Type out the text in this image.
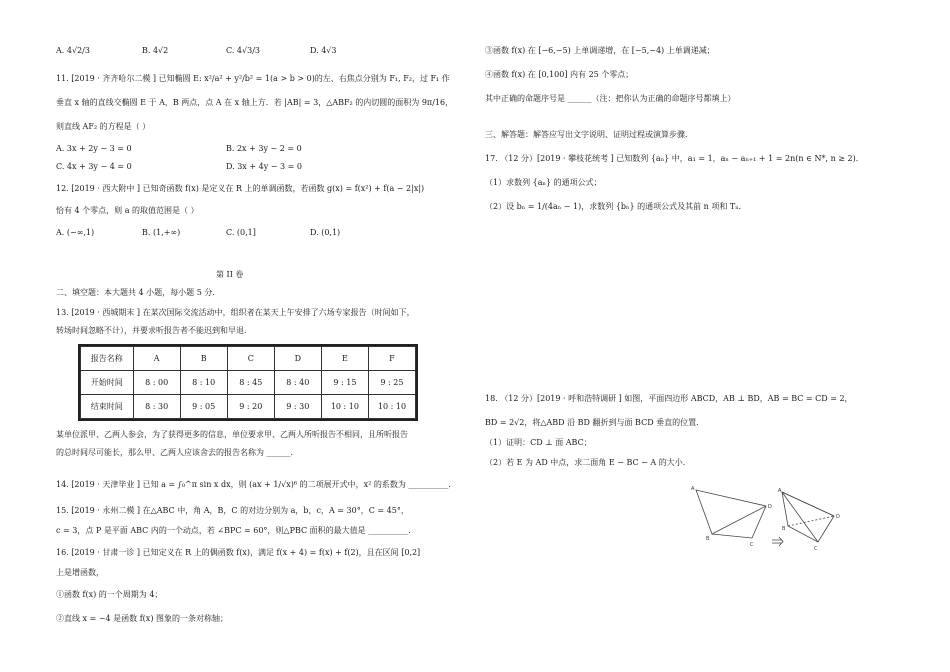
A. 4√2/3	B. 4√2	C. 4√3/3	D. 4√3
11. [2019 · 齐齐哈尔二模 ] 已知椭圆 E: x²/a² + y²/b² = 1(a > b > 0)的左、右焦点分别为 F₁, F₂，过 F₁ 作
垂直 x 轴的直线交椭圆 E 于 A，B 两点，点 A 在 x 轴上方．若 |AB| = 3，△ABF₂ 的内切圆的面积为 9π/16，
则直线 AF₂ 的方程是（ ）
A. 3x + 2y − 3 = 0	B. 2x + 3y − 2 = 0
C. 4x + 3y − 4 = 0	D. 3x + 4y − 3 = 0
12. [2019 · 西大附中 ] 已知奇函数 f(x) 是定义在 R 上的单调函数，若函数 g(x) = f(x²) + f(a − 2|x|)
恰有 4 个零点，则 a 的取值范围是（ ）
A. (−∞,1)	B. (1,+∞)	C. (0,1]	D. (0,1)
第 II 卷
二、填空题：本大题共 4 小题，每小题 5 分．
13. [2019 · 西城期末 ] 在某次国际交流活动中，组织者在某天上午安排了六场专家报告（时间如下，
转场时间忽略不计），并要求听报告者不能迟到和早退．
报告名称	A	B	C	D	E	F
开始时间	8 : 00	8 : 10	8 : 45	8 : 40	9 : 15	9 : 25
结束时间	8 : 30	9 : 05	9 : 20	9 : 30	10 : 10	10 : 10
某单位派甲、乙两人参会，为了获得更多的信息，单位要求甲、乙两人所听报告不相同，且所听报告
的总时间尽可能长，那么甲、乙两人应该舍去的报告名称为 ______．
14. [2019 · 天津毕业 ] 已知 a = ∫₀^π sin x dx，则 (ax + 1/√x)⁶ 的二项展开式中，x² 的系数为 __________．
15. [2019 · 永州二模 ] 在△ABC 中，角 A，B，C 的对边分别为 a，b，c，A = 30°，C = 45°，
c = 3，点 P 是平面 ABC 内的一个动点，若 ∠BPC = 60°，则△PBC 面积的最大值是 __________．
16. [2019 · 甘肃一诊 ] 已知定义在 R 上的偶函数 f(x)，满足 f(x + 4) = f(x) + f(2)，且在区间 [0,2]
上是增函数，
①函数 f(x) 的一个周期为 4；
②直线 x = −4 是函数 f(x) 图象的一条对称轴；
③函数 f(x) 在 [−6,−5) 上单调递增，在 [−5,−4) 上单调递减；
④函数 f(x) 在 [0,100] 内有 25 个零点；
其中正确的命题序号是 ______（注：把你认为正确的命题序号都填上）
三、解答题：解答应写出文字说明、证明过程或演算步骤．
17. （12 分）[2019 · 攀枝花统考 ] 已知数列 {aₙ} 中，a₁ = 1，aₙ − aₙ₊₁ + 1 = 2n(n ∈ N*, n ≥ 2)．
（1）求数列 {aₙ} 的通项公式；
（2）设 bₙ = 1/(4aₙ − 1)，求数列 {bₙ} 的通项公式及其前 n 项和 Tₙ．
18. （12 分）[2019 · 呼和浩特调研 ] 如图，平面四边形 ABCD，AB ⊥ BD，AB = BC = CD = 2，
BD = 2√2，将△ABD 沿 BD 翻折到与面 BCD 垂直的位置．
（1）证明：CD ⊥ 面 ABC；
（2）若 E 为 AD 中点，求二面角 E − BC − A 的大小．
A
D
B
C
A
D
B
C
